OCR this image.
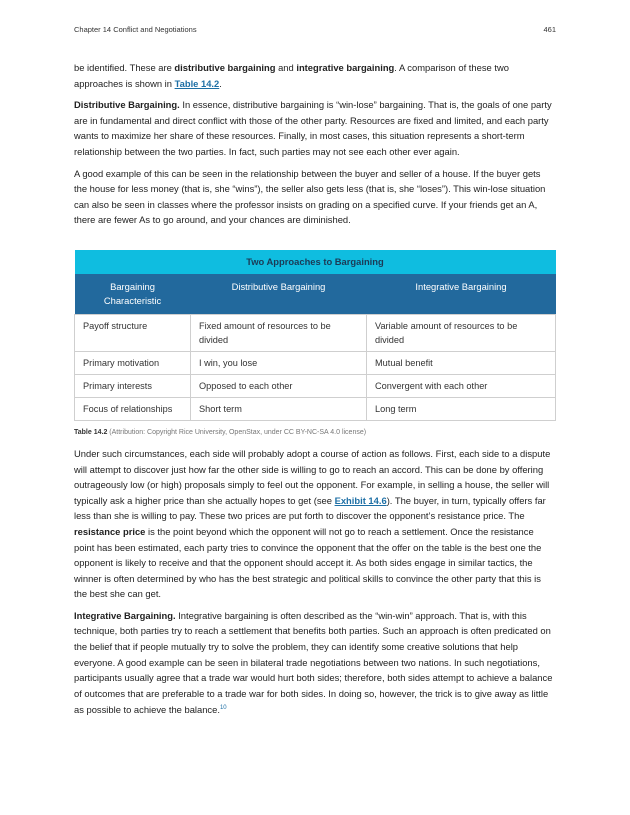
Chapter 14 Conflict and Negotiations	461

be identified. These are distributive bargaining and integrative bargaining. A comparison of these two approaches is shown in Table 14.2.

Distributive Bargaining. In essence, distributive bargaining is “win-lose” bargaining. That is, the goals of one party are in fundamental and direct conflict with those of the other party. Resources are fixed and limited, and each party wants to maximize her share of these resources. Finally, in most cases, this situation represents a short-term relationship between the two parties. In fact, such parties may not see each other ever again.

A good example of this can be seen in the relationship between the buyer and seller of a house. If the buyer gets the house for less money (that is, she “wins”), the seller also gets less (that is, she “loses”). This win-lose situation can also be seen in classes where the professor insists on grading on a specified curve. If your friends get an A, there are fewer As to go around, and your chances are diminished.

Two Approaches to Bargaining		
Bargaining Characteristic	Distributive Bargaining	Integrative Bargaining
Payoff structure	Fixed amount of resources to be divided	Variable amount of resources to be divided
Primary motivation	I win, you lose	Mutual benefit
Primary interests	Opposed to each other	Convergent with each other
Focus of relationships	Short term	Long term
Table 14.2 (Attribution: Copyright Rice University, OpenStax, under CC BY-NC-SA 4.0 license)

Under such circumstances, each side will probably adopt a course of action as follows. First, each side to a dispute will attempt to discover just how far the other side is willing to go to reach an accord. This can be done by offering outrageously low (or high) proposals simply to feel out the opponent. For example, in selling a house, the seller will typically ask a higher price than she actually hopes to get (see Exhibit 14.6). The buyer, in turn, typically offers far less than she is willing to pay. These two prices are put forth to discover the opponent’s resistance price. The resistance price is the point beyond which the opponent will not go to reach a settlement. Once the resistance point has been estimated, each party tries to convince the opponent that the offer on the table is the best one the opponent is likely to receive and that the opponent should accept it. As both sides engage in similar tactics, the winner is often determined by who has the best strategic and political skills to convince the other party that this is the best she can get.

Integrative Bargaining. Integrative bargaining is often described as the “win-win” approach. That is, with this technique, both parties try to reach a settlement that benefits both parties. Such an approach is often predicated on the belief that if people mutually try to solve the problem, they can identify some creative solutions that help everyone. A good example can be seen in bilateral trade negotiations between two nations. In such negotiations, participants usually agree that a trade war would hurt both sides; therefore, both sides attempt to achieve a balance of outcomes that are preferable to a trade war for both sides. In doing so, however, the trick is to give away as little as possible to achieve the balance.$^{10}$
